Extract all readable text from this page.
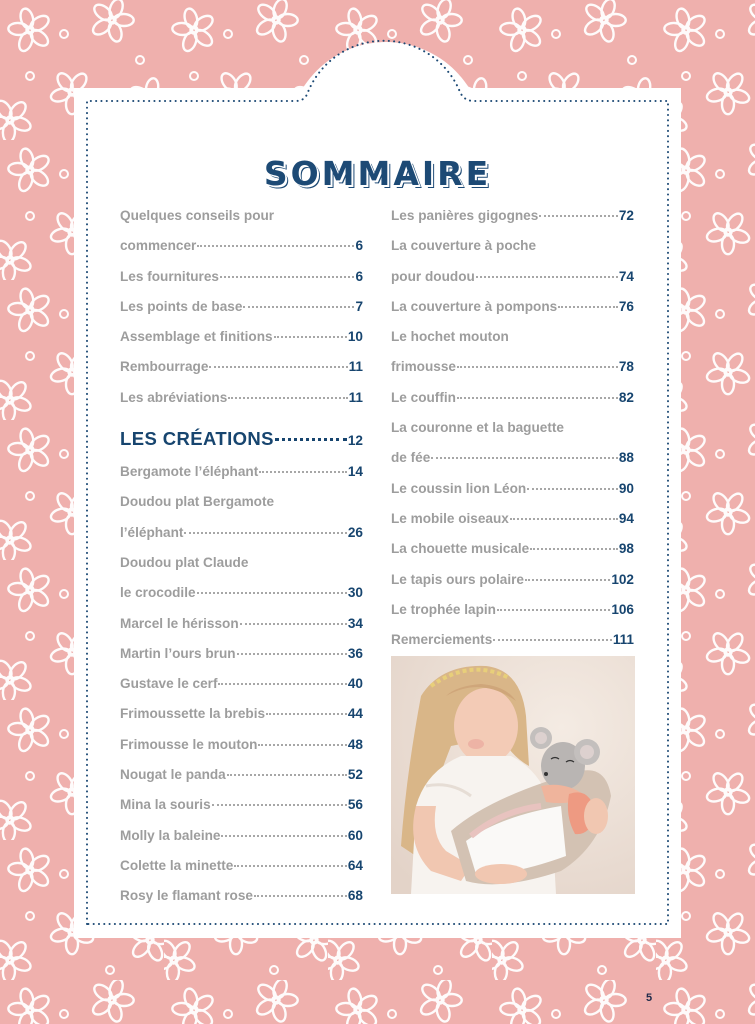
SOMMAIRE
Quelques conseils pour
commencer	6
Les fournitures	6
Les points de base	7
Assemblage et finitions	10
Rembourrage	11
Les abréviations	11
LES CRÉATIONS	12
Bergamote l’éléphant	14
Doudou plat Bergamote
l’éléphant	26
Doudou plat Claude
le crocodile	30
Marcel le hérisson	34
Martin l’ours brun	36
Gustave le cerf	40
Frimoussette la brebis	44
Frimousse le mouton	48
Nougat le panda	52
Mina la souris	56
Molly la baleine	60
Colette la minette	64
Rosy le flamant rose	68
Les panières gigognes	72
La couverture à poche
pour doudou	74
La couverture à pompons	76
Le hochet mouton
frimousse	78
Le couffin	82
La couronne et la baguette
de fée	88
Le coussin lion Léon	90
Le mobile oiseaux	94
La chouette musicale	98
Le tapis ours polaire	102
Le trophée lapin	106
Remerciements	111
5
